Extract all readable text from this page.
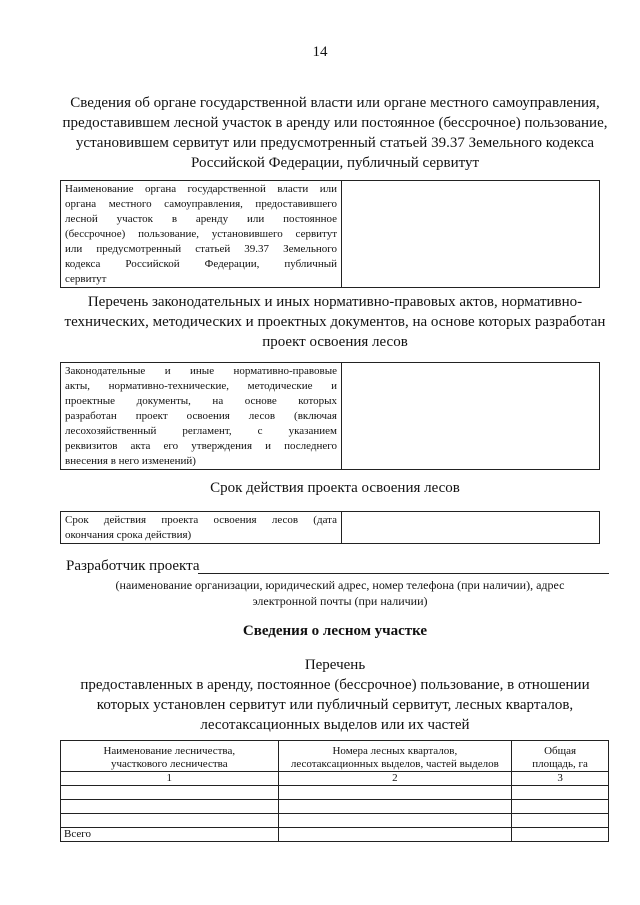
14
Сведения об органе государственной власти или органе местного самоуправления,
предоставившем лесной участок в аренду или постоянное (бессрочное) пользование,
установившем сервитут или предусмотренный статьей 39.37 Земельного кодекса
Российской Федерации, публичный сервитут
Наименование органа государственной власти или
органа местного самоуправления, предоставившего
лесной участок в аренду или постоянное
(бессрочное) пользование, установившего сервитут
или предусмотренный статьей 39.37 Земельного
кодекса Российской Федерации, публичный
сервитут

Перечень законодательных и иных нормативно-правовых актов, нормативно-
технических, методических и проектных документов, на основе которых разработан
проект освоения лесов
Законодательные и иные нормативно-правовые
акты, нормативно-технические, методические и
проектные документы, на основе которых
разработан проект освоения лесов (включая
лесохозяйственный регламент, с указанием
реквизитов акта его утверждения и последнего
внесения в него изменений)

Срок действия проекта освоения лесов
Срок действия проекта освоения лесов (дата
окончания срока действия)

Разработчик проекта
(наименование организации, юридический адрес, номер телефона (при наличии), адрес
электронной почты (при наличии)
Сведения о лесном участке
Перечень
предоставленных в аренду, постоянное (бессрочное) пользование, в отношении
которых установлен сервитут или публичный сервитут, лесных кварталов,
лесотаксационных выделов или их частей
Наименование лесничества,
участкового лесничества	Номера лесных кварталов,
лесотаксационных выделов, частей выделов	Общая
площадь, га

1	2	3

Всего		
